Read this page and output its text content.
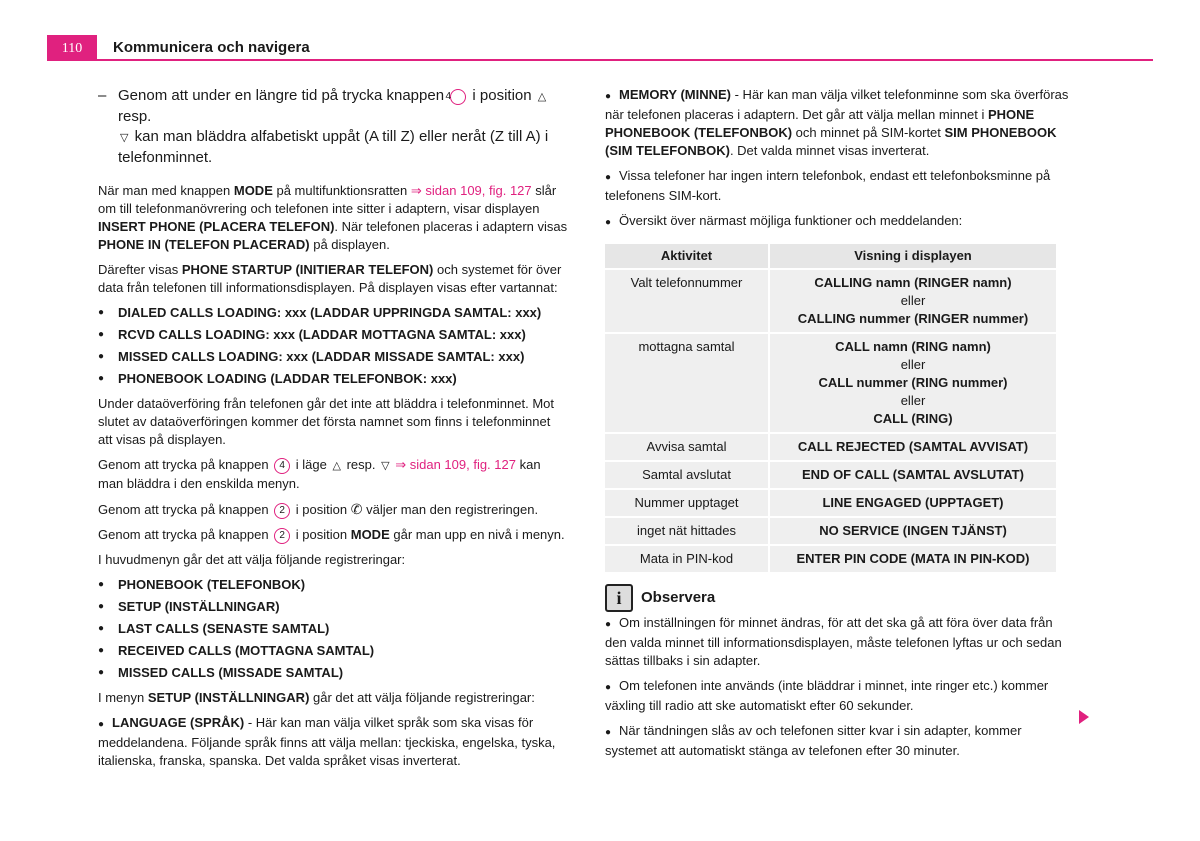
110	Kommunicera och navigera

– Genom att under en längre tid på trycka knappen 4 i position △ resp.
▽ kan man bläddra alfabetiskt uppåt (A till Z) eller neråt (Z till A) i telefonminnet.

När man med knappen MODE på multifunktionsratten ⇒ sidan 109, fig. 127 slår om till telefonmanövrering och telefonen inte sitter i adaptern, visar displayen INSERT PHONE (PLACERA TELEFON). När telefonen placeras i adaptern visas PHONE IN (TELEFON PLACERAD) på displayen.

Därefter visas PHONE STARTUP (INITIERAR TELEFON) och systemet för över data från telefonen till informationsdisplayen. På displayen visas efter vartannat:

● DIALED CALLS LOADING: xxx (LADDAR UPPRINGDA SAMTAL: xxx)
● RCVD CALLS LOADING: xxx (LADDAR MOTTAGNA SAMTAL: xxx)
● MISSED CALLS LOADING: xxx (LADDAR MISSADE SAMTAL: xxx)
● PHONEBOOK LOADING (LADDAR TELEFONBOK: xxx)

Under dataöverföring från telefonen går det inte att bläddra i telefonminnet. Mot slutet av dataöverföringen kommer det första namnet som finns i telefonminnet att visas på displayen.

Genom att trycka på knappen 4 i läge △ resp. ▽ ⇒ sidan 109, fig. 127 kan man bläddra i den enskilda menyn.

Genom att trycka på knappen 2 i position ✆ väljer man den registreringen.

Genom att trycka på knappen 2 i position MODE går man upp en nivå i menyn.

I huvudmenyn går det att välja följande registreringar:

● PHONEBOOK (TELEFONBOK)
● SETUP (INSTÄLLNINGAR)
● LAST CALLS (SENASTE SAMTAL)
● RECEIVED CALLS (MOTTAGNA SAMTAL)
● MISSED CALLS (MISSADE SAMTAL)

I menyn SETUP (INSTÄLLNINGAR) går det att välja följande registreringar:

● LANGUAGE (SPRÅK) - Här kan man välja vilket språk som ska visas för meddelandena. Följande språk finns att välja mellan: tjeckiska, engelska, tyska, italienska, franska, spanska. Det valda språket visas inverterat.

● MEMORY (MINNE) - Här kan man välja vilket telefonminne som ska överföras när telefonen placeras i adaptern. Det går att välja mellan minnet i PHONE PHONEBOOK (TELEFONBOK) och minnet på SIM-kortet SIM PHONEBOOK (SIM TELEFONBOK). Det valda minnet visas inverterat.

● Vissa telefoner har ingen intern telefonbok, endast ett telefonboksminne på telefonens SIM-kort.

● Översikt över närmast möjliga funktioner och meddelanden:

Aktivitet	Visning i displayen
Valt telefonnummer	CALLING namn (RINGER namn)
eller
CALLING nummer (RINGER nummer)

mottagna samtal	CALL namn (RING namn)
eller
CALL nummer (RING nummer)
eller
CALL (RING)

Avvisa samtal	CALL REJECTED (SAMTAL AVVISAT)
Samtal avslutat	END OF CALL (SAMTAL AVSLUTAT)
Nummer upptaget	LINE ENGAGED (UPPTAGET)
inget nät hittades	NO SERVICE (INGEN TJÄNST)
Mata in PIN-kod	ENTER PIN CODE (MATA IN PIN-KOD)
i	Observera

● Om inställningen för minnet ändras, för att det ska gå att föra över data från den valda minnet till informationsdisplayen, måste telefonen lyftas ur och sedan sättas tillbaks i sin adapter.

● Om telefonen inte används (inte bläddrar i minnet, inte ringer etc.) kommer växling till radio att ske automatiskt efter 60 sekunder.

● När tändningen slås av och telefonen sitter kvar i sin adapter, kommer systemet att automatiskt stänga av telefonen efter 30 minuter.
